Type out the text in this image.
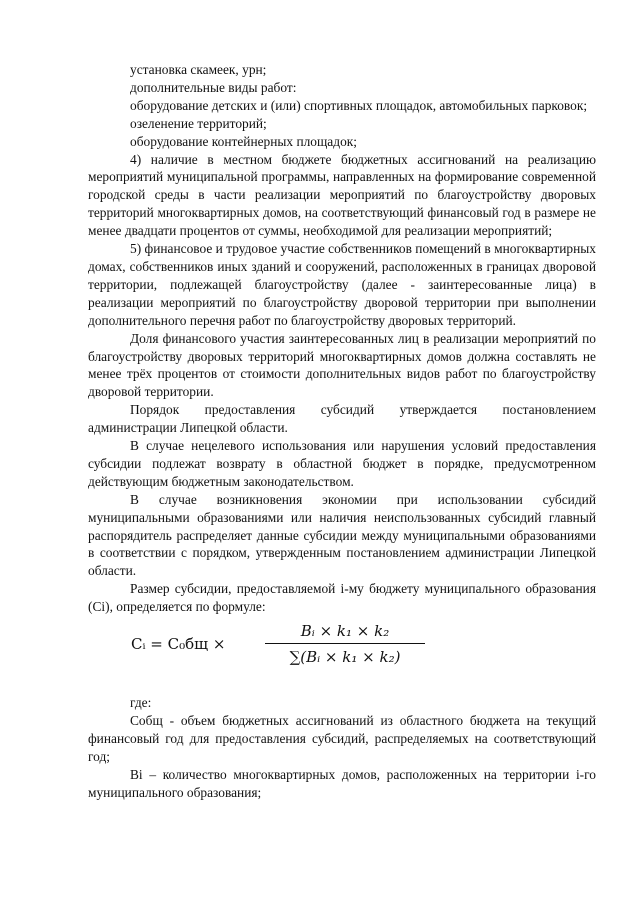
установка скамеек, урн;

дополнительные виды работ:

оборудование детских и (или) спортивных площадок, автомобильных парковок;

озеленение территорий;

оборудование контейнерных площадок;

4) наличие в местном бюджете бюджетных ассигнований на реализацию мероприятий муниципальной программы, направленных на формирование современной городской среды в части реализации мероприятий по благоустройству дворовых территорий многоквартирных домов, на соответствующий финансовый год в размере не менее двадцати процентов от суммы, необходимой для реализации мероприятий;

5) финансовое и трудовое участие собственников помещений в многоквартирных домах, собственников иных зданий и сооружений, расположенных в границах дворовой территории, подлежащей благоустройству (далее - заинтересованные лица) в реализации мероприятий по благоустройству дворовой территории при выполнении дополнительного перечня работ по благоустройству дворовых территорий.

Доля финансового участия заинтересованных лиц в реализации мероприятий по благоустройству дворовых территорий многоквартирных домов должна составлять не менее трёх процентов от стоимости дополнительных видов работ по благоустройству дворовой территории.

Порядок предоставления субсидий утверждается постановлением администрации Липецкой области.

В случае нецелевого использования или нарушения условий предоставления субсидии подлежат возврату в областной бюджет в порядке, предусмотренном действующим бюджетным законодательством.

В случае возникновения экономии при использовании субсидий муниципальными образованиями или наличия неиспользованных субсидий главный распорядитель распределяет данные субсидии между муниципальными образованиями в соответствии с порядком, утвержденным постановлением администрации Липецкой области.

Размер субсидии, предоставляемой i-му бюджету муниципального образования (Ci), определяется по формуле:

Cᵢ = C₀бщ ×
Bᵢ × k₁ × k₂
∑(Bᵢ × k₁ × k₂)

где:

Cобщ - объем бюджетных ассигнований из областного бюджета на текущий финансовый год для предоставления субсидий, распределяемых на соответствующий год;

Bi – количество многоквартирных домов, расположенных на территории i-го муниципального образования;
